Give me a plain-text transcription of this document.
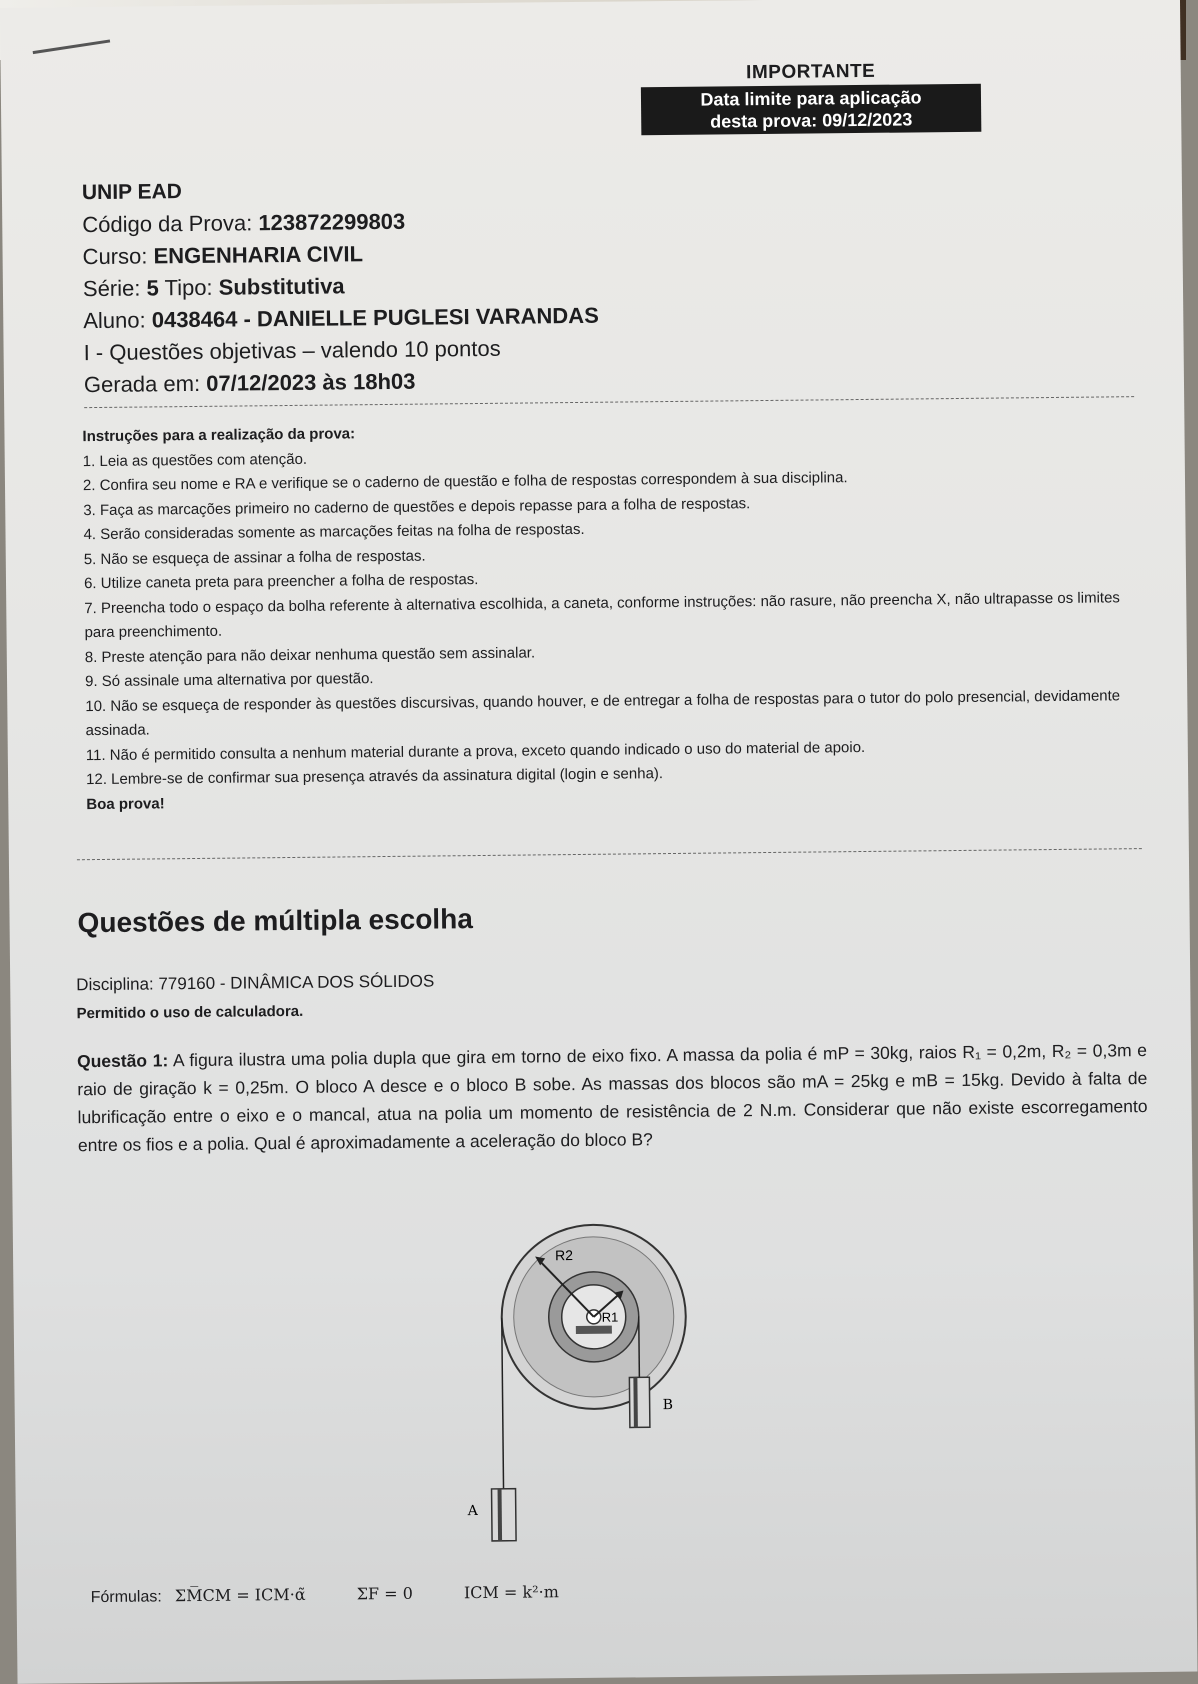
IMPORTANTE
Data limite para aplicação
desta prova: 09/12/2023
UNIP EAD
Código da Prova: 123872299803
Curso: ENGENHARIA CIVIL
Série: 5 Tipo: Substitutiva
Aluno: 0438464 - DANIELLE PUGLESI VARANDAS
I - Questões objetivas – valendo 10 pontos
Gerada em: 07/12/2023 às 18h03
Instruções para a realização da prova:
1. Leia as questões com atenção.
2. Confira seu nome e RA e verifique se o caderno de questão e folha de respostas correspondem à sua disciplina.
3. Faça as marcações primeiro no caderno de questões e depois repasse para a folha de respostas.
4. Serão consideradas somente as marcações feitas na folha de respostas.
5. Não se esqueça de assinar a folha de respostas.
6. Utilize caneta preta para preencher a folha de respostas.
7. Preencha todo o espaço da bolha referente à alternativa escolhida, a caneta, conforme instruções: não rasure, não preencha X, não ultrapasse os limites para preenchimento.
8. Preste atenção para não deixar nenhuma questão sem assinalar.
9. Só assinale uma alternativa por questão.
10. Não se esqueça de responder às questões discursivas, quando houver, e de entregar a folha de respostas para o tutor do polo presencial, devidamente assinada.
11. Não é permitido consulta a nenhum material durante a prova, exceto quando indicado o uso do material de apoio.
12. Lembre-se de confirmar sua presença através da assinatura digital (login e senha).
Boa prova!
Questões de múltipla escolha
Disciplina: 779160 - DINÂMICA DOS SÓLIDOS
Permitido o uso de calculadora.
Questão 1: A figura ilustra uma polia dupla que gira em torno de eixo fixo. A massa da polia é mP = 30kg, raios R₁ = 0,2m, R₂ = 0,3m e raio de giração k = 0,25m. O bloco A desce e o bloco B sobe. As massas dos blocos são mA = 25kg e mB = 15kg. Devido à falta de lubrificação entre o eixo e o mancal, atua na polia um momento de resistência de 2 N.m. Considerar que não existe escorregamento entre os fios e a polia. Qual é aproximadamente a aceleração do bloco B?
R2
R1
A
B
Fórmulas: ΣM̅CM = ICM·α̃	ΣF = 0	ICM = k²·m
